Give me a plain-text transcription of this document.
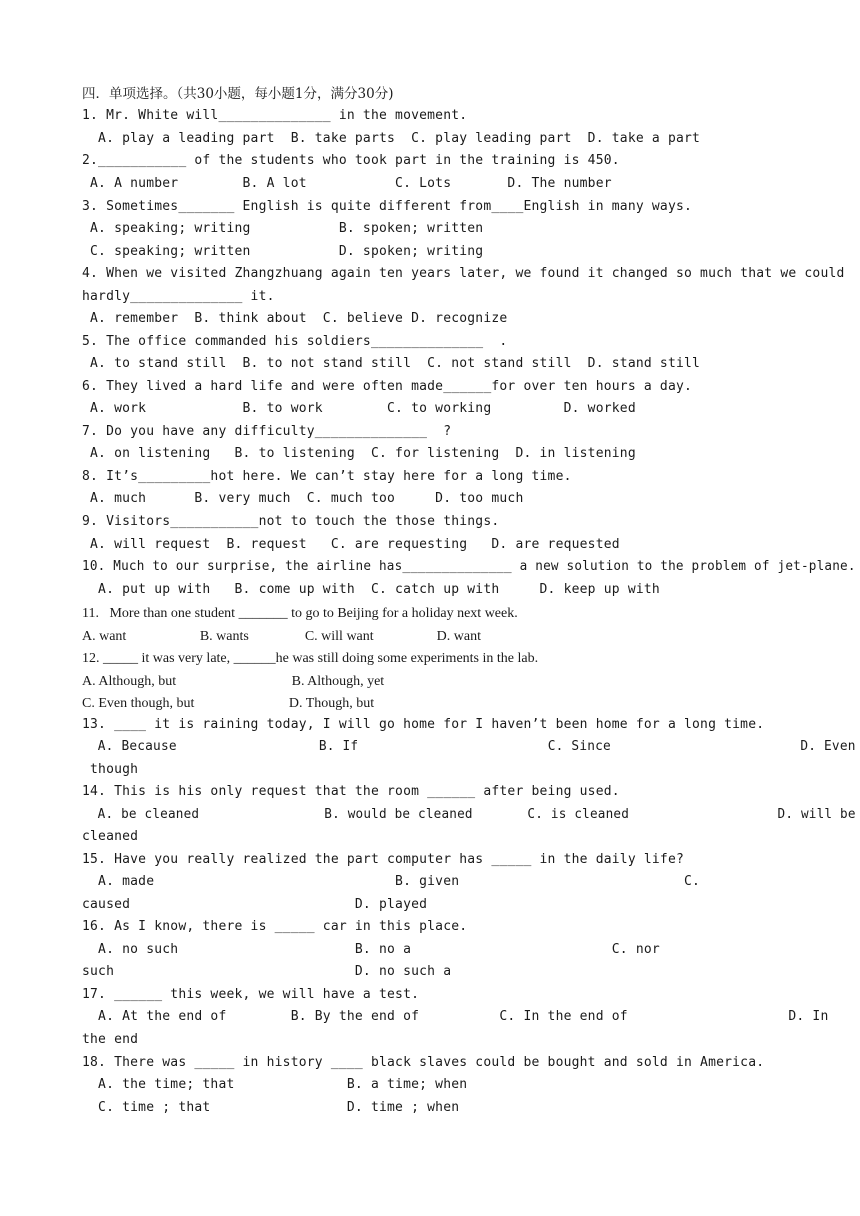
四．单项选择。（共30小题，每小题1分，满分30分)
1. Mr. White will______________ in the movement.
A. play a leading part  B. take parts  C. play leading part  D. take a part
2.___________ of the students who took part in the training is 450.
A. A number        B. A lot           C. Lots       D. The number
3. Sometimes_______ English is quite different from____English in many ways.
A. speaking; writing           B. spoken; written
C. speaking; written           D. spoken; writing
4. When we visited Zhangzhuang again ten years later, we found it changed so much that we could
hardly______________ it.
A. remember  B. think about  C. believe D. recognize
5. The office commanded his soldiers______________  .
A. to stand still  B. to not stand still  C. not stand still  D. stand still
6. They lived a hard life and were often made______for over ten hours a day.
A. work            B. to work        C. to working         D. worked
7. Do you have any difficulty______________  ?
A. on listening   B. to listening  C. for listening  D. in listening
8. It’s_________hot here. We can’t stay here for a long time.
A. much      B. very much  C. much too     D. too much
9. Visitors___________not to touch the those things.
A. will request  B. request   C. are requesting   D. are requested
10. Much to our surprise, the airline has______________ a new solution to the problem of jet-plane.
A. put up with   B. come up with  C. catch up with     D. keep up with
11.   More than one student _______ to go to Beijing for a holiday next week.
A. want                     B. wants                C. will want                  D. want
12. _____ it was very late, ______he was still doing some experiments in the lab.
A. Although, but                                 B. Although, yet
C. Even though, but                           D. Though, but
13. ____ it is raining today, I will go home for I haven’t been home for a long time.
A. Because                  B. If                        C. Since                        D. Even
though
14. This is his only request that the room ______ after being used.
A. be cleaned                B. would be cleaned       C. is cleaned                   D. will be
cleaned
15. Have you really realized the part computer has _____ in the daily life?
A. made                              B. given                            C.
caused                            D. played
16. As I know, there is _____ car in this place.
A. no such                      B. no a                         C. nor
such                              D. no such a
17. ______ this week, we will have a test.
A. At the end of        B. By the end of          C. In the end of                    D. In
the end
18. There was _____ in history ____ black slaves could be bought and sold in America.
A. the time; that              B. a time; when
C. time ; that                 D. time ; when
